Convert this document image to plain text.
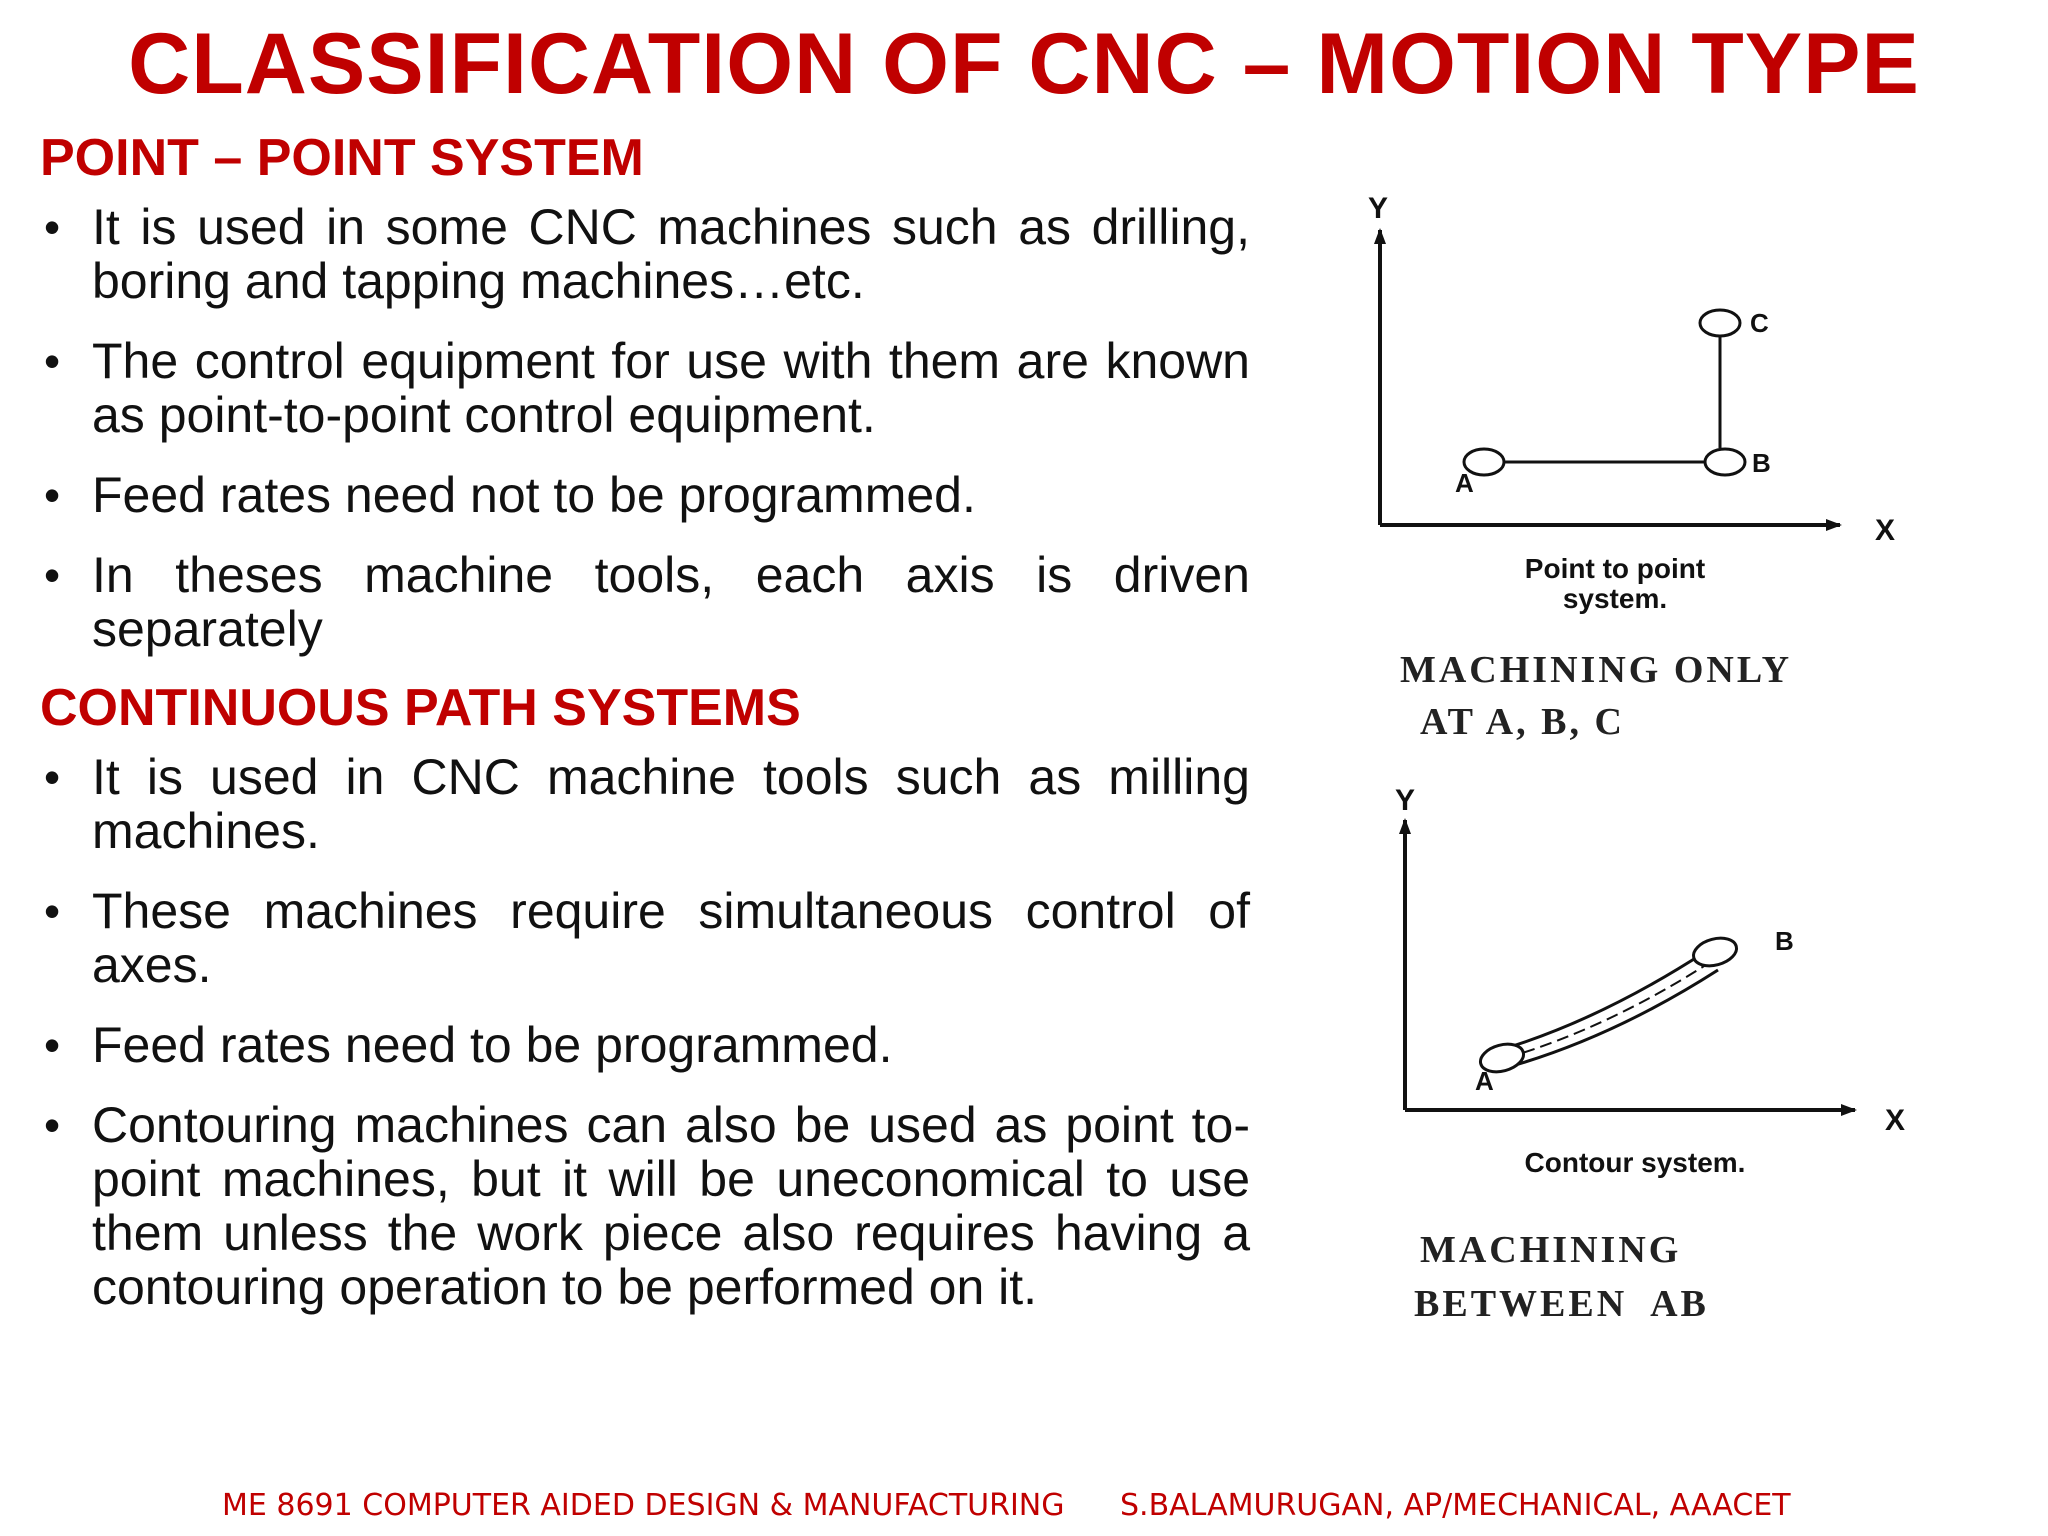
CLASSIFICATION OF CNC – MOTION TYPE
POINT – POINT SYSTEM
• It is used in some CNC machines such as drilling, boring and tapping machines…etc.
• The control equipment for use with them are known as point-to-point control equipment.
• Feed rates need not to be programmed.
• In theses machine tools, each axis is driven separately
CONTINUOUS PATH SYSTEMS
• It is used in CNC machine tools such as milling machines.
• These machines require simultaneous control of axes.
• Feed rates need to be programmed.
• Contouring machines can also be used as point to-point machines, but it will be uneconomical to use them unless the work piece also requires having a contouring operation to be performed on it.
Y
X
A
B
C
Point to point
system.
MACHINING ONLY
AT A, B, C
Y
X
A
B
Contour system.
MACHINING
BETWEEN  AB
ME 8691 COMPUTER AIDED DESIGN & MANUFACTURING S.BALAMURUGAN, AP/MECHANICAL, AAACET
